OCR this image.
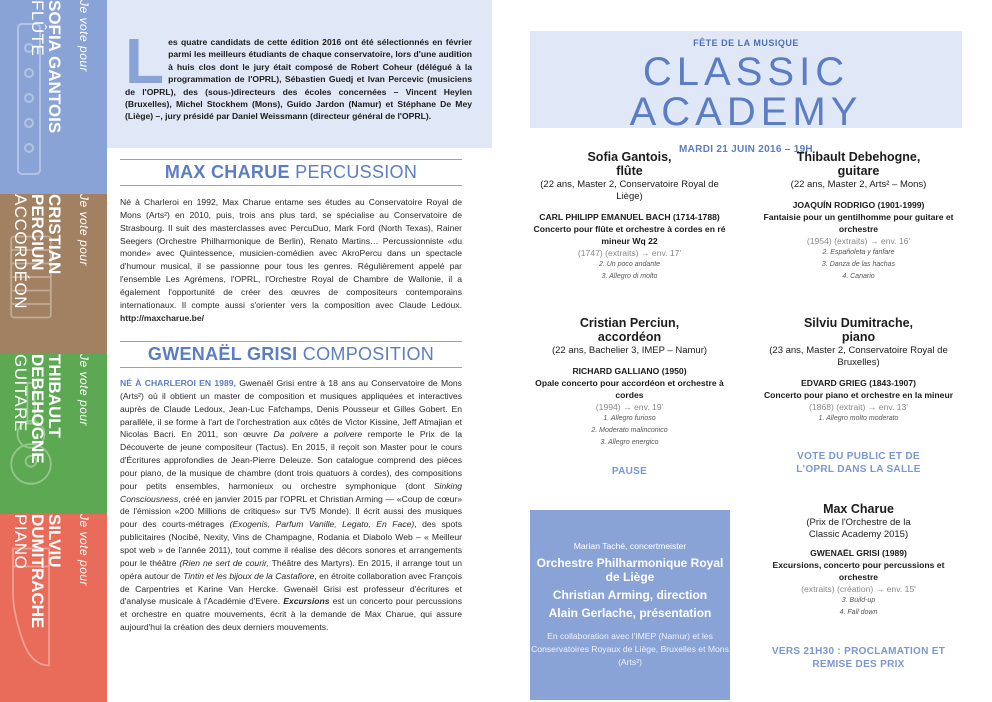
Je vote pour
SOFIA GANTOIS
FLÛTE
Je vote pour
CRISTIAN PERCIUN
ACCORDÉON
Je vote pour
THIBAULT
DEBEHOGNE
GUITARE
Je vote pour
SILVIU
DUMITRACHE
PIANO
L es quatre candidats de cette édition 2016 ont été sélectionnés en février parmi les meilleurs étudiants de chaque conservatoire, lors d'une audition à huis clos dont le jury était composé de Robert Coheur (délégué à la programmation de l'OPRL), Sébastien Guedj et Ivan Percevic (musiciens de l'OPRL), des (sous-)directeurs des écoles concernées – Vincent Heylen (Bruxelles), Michel Stockhem (Mons), Guido Jardon (Namur) et Stéphane De Mey (Liège) –, jury présidé par Daniel Weissmann (directeur général de l'OPRL).

MAX CHARUE PERCUSSION
Né à Charleroi en 1992, Max Charue entame ses études au Conservatoire Royal de Mons (Arts²) en 2010, puis, trois ans plus tard, se spécialise au Conservatoire de Strasbourg. Il suit des masterclasses avec PercuDuo, Mark Ford (North Texas), Rainer Seegers (Orchestre Philharmonique de Berlin), Renato Martins… Percussionniste «du monde» avec Quintessence, musicien-comédien avec AkroPercu dans un spectacle d'humour musical, il se passionne pour tous les genres. Régulièrement appelé par l'ensemble Les Agrémens, l'OPRL, l'Orchestre Royal de Chambre de Wallonie, il a également l'opportunité de créer des œuvres de compositeurs contemporains internationaux. Il compte aussi s'orienter vers la composition avec Claude Ledoux. http://maxcharue.be/
GWENAËL GRISI COMPOSITION
NÉ À CHARLEROI EN 1989, Gwenaël Grisi entre à 18 ans au Conservatoire de Mons (Arts²) où il obtient un master de composition et musiques appliquées et interactives auprès de Claude Ledoux, Jean-Luc Fafchamps, Denis Pousseur et Gilles Gobert. En parallèle, il se forme à l'art de l'orchestration aux côtés de Victor Kissine, Jeff Atmajian et Nicolas Bacri. En 2011, son œuvre Da polvere a polvere remporte le Prix de la Découverte de jeune compositeur (Tactus). En 2015, il reçoit son Master pour le cours d'Écritures approfondies de Jean-Pierre Deleuze. Son catalogue comprend des pièces pour piano, de la musique de chambre (dont trois quatuors à cordes), des compositions pour petits ensembles, harmonieux ou orchestre symphonique (dont Sinking Consciousness, créé en janvier 2015 par l'OPRL et Christian Arming — «Coup de cœur» de l'émission «200 Millions de critiques» sur TV5 Monde). Il écrit aussi des musiques pour des courts-métrages (Exogenis, Parfum Vanille, Legato, En Face), des spots publicitaires (Nocibé, Nexity, Vins de Champagne, Rodania et Diabolo Web – « Meilleur spot web » de l'année 2011), tout comme il réalise des décors sonores et arrangements pour le théâtre (Rien ne sert de courir, Théâtre des Martyrs). En 2015, il arrange tout un opéra autour de Tintin et les bijoux de la Castafiore, en étroite collaboration avec François de Carpentries et Karine Van Hercke. Gwenaël Grisi est professeur d'écritures et d'analyse musicale à l'Académie d'Evere. Excursions est un concerto pour percussions et orchestre en quatre mouvements, écrit à la demande de Max Charue, qui assure aujourd'hui la création des deux derniers mouvements.
FÊTE DE LA MUSIQUE
CLASSIC ACADEMY
MARDI 21 JUIN 2016 – 19H
Sofia Gantois,
flûte
(22 ans, Master 2, Conservatoire Royal de Liège)
CARL PHILIPP EMANUEL BACH (1714-1788)
Concerto pour flûte et orchestre à cordes en ré mineur Wq 22
(1747) (extraits) → env. 17'
2. Un poco andante
3. Allegro di molto
Thibault Debehogne,
guitare
(22 ans, Master 2, Arts² – Mons)
JOAQUÍN RODRIGO (1901-1999)
Fantaisie pour un gentilhomme pour guitare et orchestre
(1954) (extraits) → env. 16'
2. Españoleta y fanfare
3. Danza de las hachas
4. Canario
Cristian Perciun,
accordéon
(22 ans, Bachelier 3, IMEP – Namur)
RICHARD GALLIANO (1950)
Opale concerto pour accordéon et orchestre à cordes
(1994) → env. 19'
1. Allegro furioso
2. Moderato malinconico
3. Allegro energico
Silviu Dumitrache,
piano
(23 ans, Master 2, Conservatoire Royal de Bruxelles)
EDVARD GRIEG (1843-1907)
Concerto pour piano et orchestre en la mineur
(1868) (extrait) → env. 13'
1. Allegro molto moderato
PAUSE
VOTE DU PUBLIC ET DE L'OPRL DANS LA SALLE
Max Charue
(Prix de l'Orchestre de la Classic Academy 2015)
GWENAËL GRISI (1989)
Excursions, concerto pour percussions et orchestre
(extraits) (création) → env. 15'
3. Build-up
4. Fall down
VERS 21H30 : PROCLAMATION ET REMISE DES PRIX
Marian Taché, concertmeister
Orchestre Philharmonique Royal de Liège
Christian Arming, direction
Alain Gerlache, présentation
En collaboration avec l'IMEP (Namur) et les Conservatoires Royaux de Liège, Bruxelles et Mons (Arts²)
